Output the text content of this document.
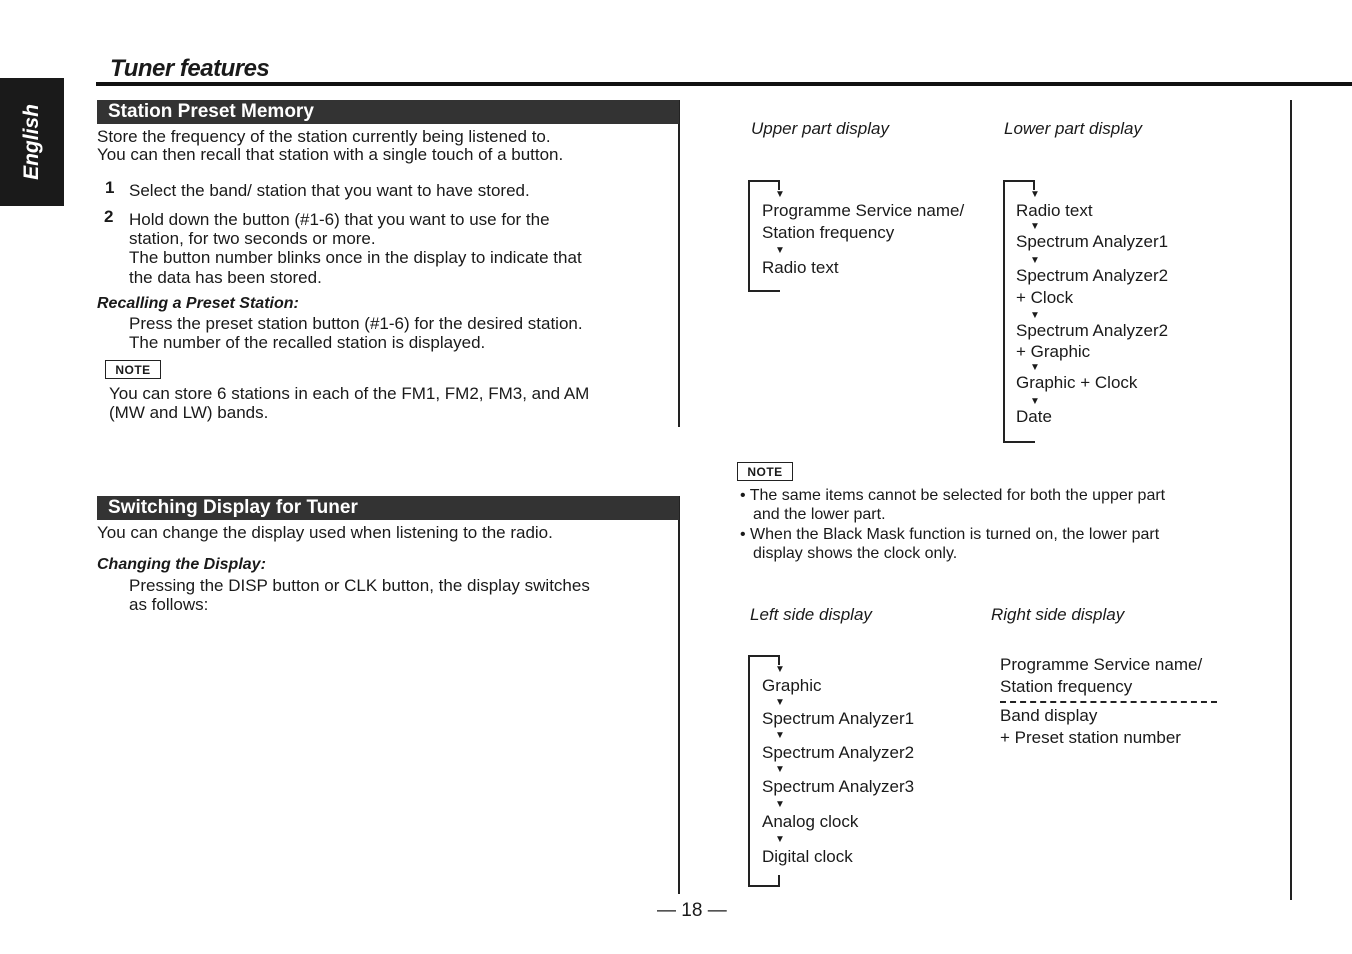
English
Tuner features
Station Preset Memory
Store the frequency of the station currently being listened to.
You can then recall that station with a single touch of a button.
1 Select the band/ station that you want to have stored.
2 Hold down the button (#1-6) that you want to use for the
station, for two seconds or more.
The button number blinks once in the display to indicate that
the data has been stored.
Recalling a Preset Station:
Press the preset station button (#1-6) for the desired station.
The number of the recalled station is displayed.
NOTE
You can store 6 stations in each of the FM1, FM2, FM3, and AM
(MW and LW) bands.
Switching Display for Tuner
You can change the display used when listening to the radio.
Changing the Display:
Pressing the DISP button or CLK button, the display switches
as follows:
Upper part display
▼
Programme Service name/
Station frequency
▼
Radio text
Lower part display
▼
Radio text
▼
Spectrum Analyzer1
▼
Spectrum Analyzer2
+ Clock
▼
Spectrum Analyzer2
+ Graphic
▼
Graphic + Clock
▼
Date
NOTE
• The same items cannot be selected for both the upper part
and the lower part.
• When the Black Mask function is turned on, the lower part
display shows the clock only.
Left side display
▼
Graphic
▼
Spectrum Analyzer1
▼
Spectrum Analyzer2
▼
Spectrum Analyzer3
▼
Analog clock
▼
Digital clock
Right side display
Programme Service name/
Station frequency
Band display
+ Preset station number
— 18 —
